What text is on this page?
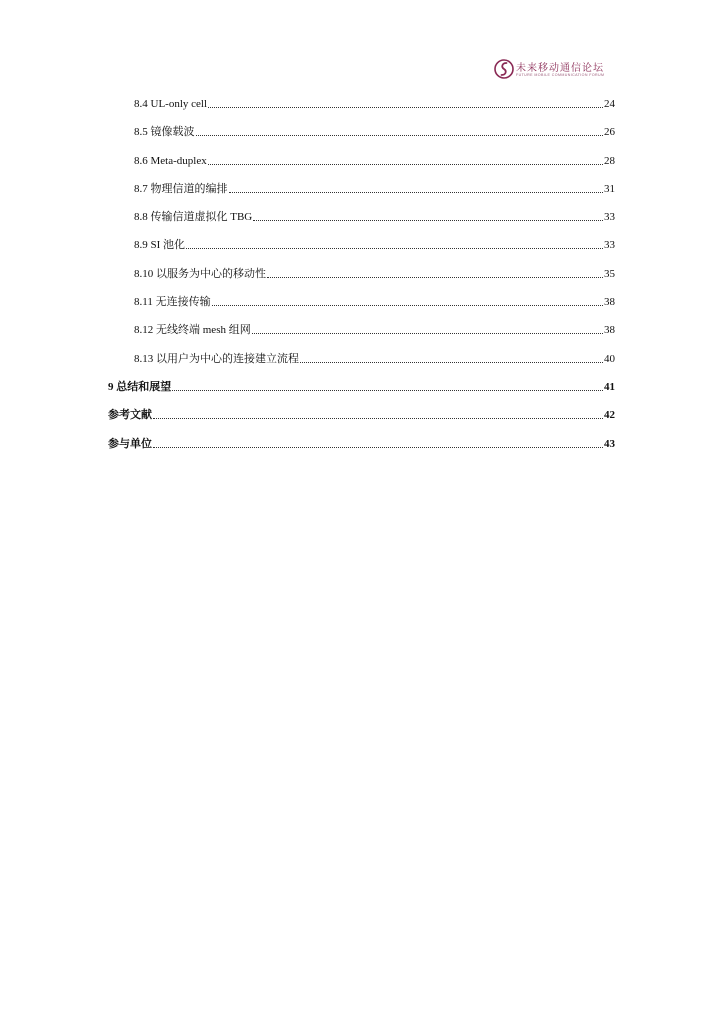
未来移动通信论坛
FUTURE MOBILE COMMUNICATION FORUM
8.4 UL-only cell	24
8.5 镜像载波	26
8.6 Meta-duplex	28
8.7 物理信道的编排	31
8.8 传输信道虚拟化 TBG	33
8.9 SI 池化	33
8.10 以服务为中心的移动性	35
8.11 无连接传输	38
8.12 无线终端 mesh 组网	38
8.13 以用户为中心的连接建立流程	40
9 总结和展望	41
参考文献	42
参与单位	43
